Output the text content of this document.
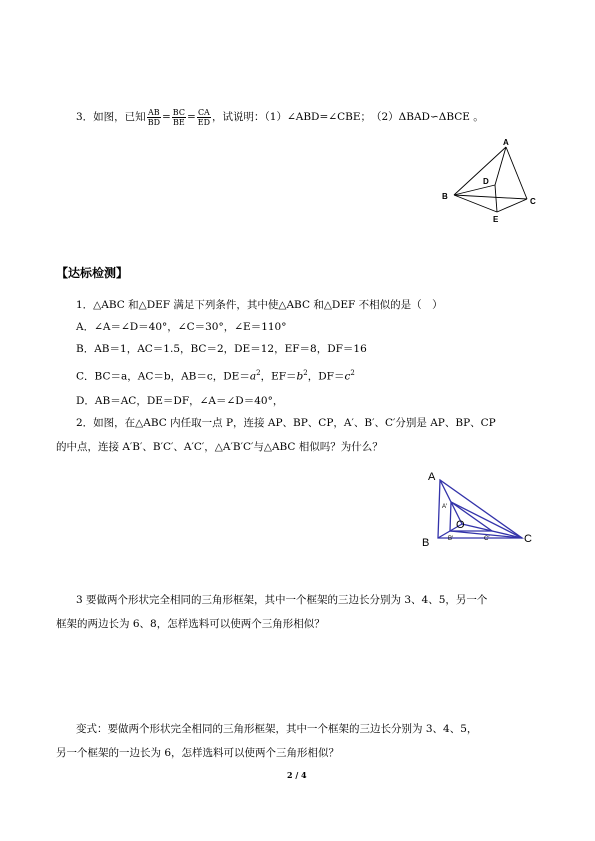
3．如图，已知 $\frac{AB}{BD} = \frac{BC}{BE} = \frac{CA}{ED}$ ，试说明：（1）∠ABD=∠CBE；　（2）ΔBAD∽ΔBCE 。
A
B
C
D
E
【达标检测】
1．△ABC 和△DEF 满足下列条件，其中使△ABC 和△DEF 不相似的是（　）
A．∠A＝∠D＝40°，∠C＝30°，∠E＝110°
B．AB＝1，AC＝1.5，BC＝2，DE＝12，EF＝8，DF＝16
C．BC＝a，AC＝b，AB＝c，$DE=a^2$，$EF=b^2$，$DF=c^2$
D．AB＝AC，DE＝DF，∠A＝∠D＝40°，
2．如图，在△ABC 内任取一点 P，连接 AP、BP、CP，A′、B′、C′分别是 AP、BP、CP
的中点，连接 A′B′、B′C′、A′C′，△A′B′C′与△ABC 相似吗？为什么？
A
B	C
O
A′
B′	C′
3 要做两个形状完全相同的三角形框架，其中一个框架的三边长分别为 3、4、5，另一个
框架的两边长为 6、8，怎样选料可以使两个三角形相似？
变式：要做两个形状完全相同的三角形框架，其中一个框架的三边长分别为 3、4、5，
另一个框架的一边长为 6，怎样选料可以使两个三角形相似？
2 / 4
